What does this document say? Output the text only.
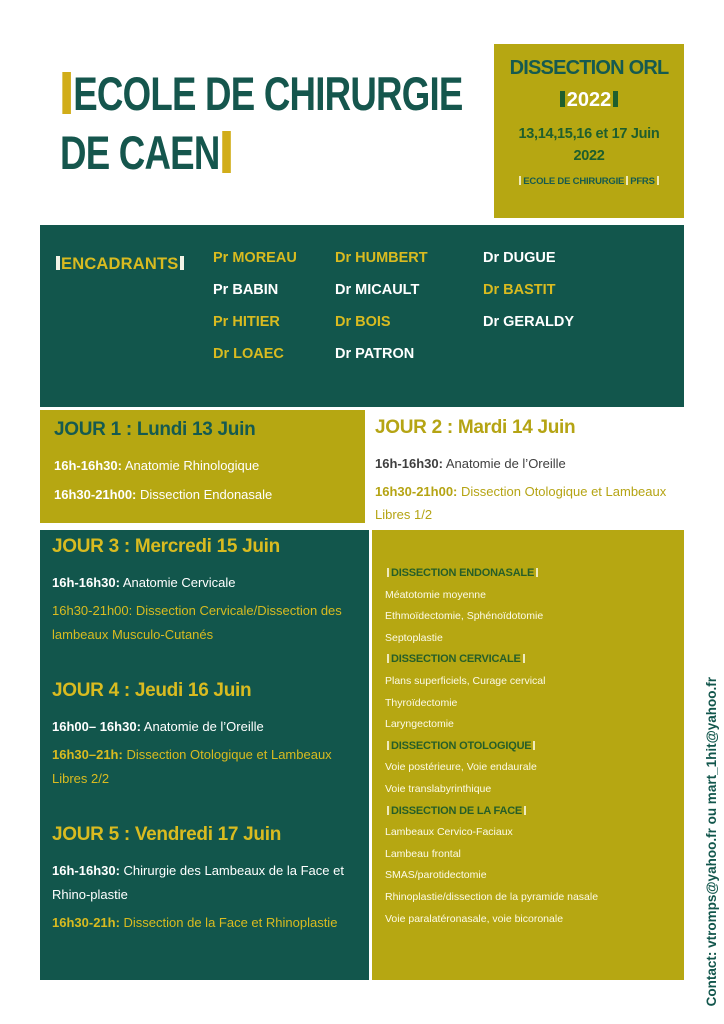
ECOLE DE CHIRURGIE
DE CAEN
DISSECTION ORL
2022
13,14,15,16 et 17 Juin
2022
ECOLE DE CHIRURGIE PFRS
ENCADRANTS	Pr MOREAU
Pr BABIN
Pr HITIER
Dr LOAEC
Dr HUMBERT
Dr MICAULT
Dr BOIS
Dr PATRON
Dr DUGUE
Dr BASTIT
Dr GERALDY
JOUR 1 : Lundi 13 Juin
16h-16h30: Anatomie Rhinologique
16h30-21h00: Dissection Endonasale
JOUR 2 : Mardi 14 Juin
16h-16h30: Anatomie de l’Oreille
16h30-21h00: Dissection Otologique et Lambeaux Libres 1/2
JOUR 3 : Mercredi 15 Juin
16h-16h30: Anatomie Cervicale
16h30-21h00: Dissection Cervicale/Dissection des lambeaux Musculo-Cutanés
JOUR 4 : Jeudi 16 Juin
16h00– 16h30: Anatomie de l’Oreille
16h30–21h: Dissection Otologique et Lambeaux Libres 2/2
JOUR 5 : Vendredi 17 Juin
16h-16h30: Chirurgie des Lambeaux de la Face et Rhino-plastie
16h30-21h: Dissection de la Face et Rhinoplastie
DISSECTION ENDONASALE
Méatotomie moyenne
Ethmoïdectomie, Sphénoïdotomie
Septoplastie
DISSECTION CERVICALE
Plans superficiels, Curage cervical
Thyroïdectomie
Laryngectomie
DISSECTION OTOLOGIQUE
Voie postérieure, Voie endaurale
Voie translabyrinthique
DISSECTION DE LA FACE
Lambeaux Cervico-Faciaux
Lambeau frontal
SMAS/parotidectomie
Rhinoplastie/dissection de la pyramide nasale
Voie paralatéronasale, voie bicoronale	Contact: vtromps@yahoo.fr ou mart_1hit@yahoo.fr
